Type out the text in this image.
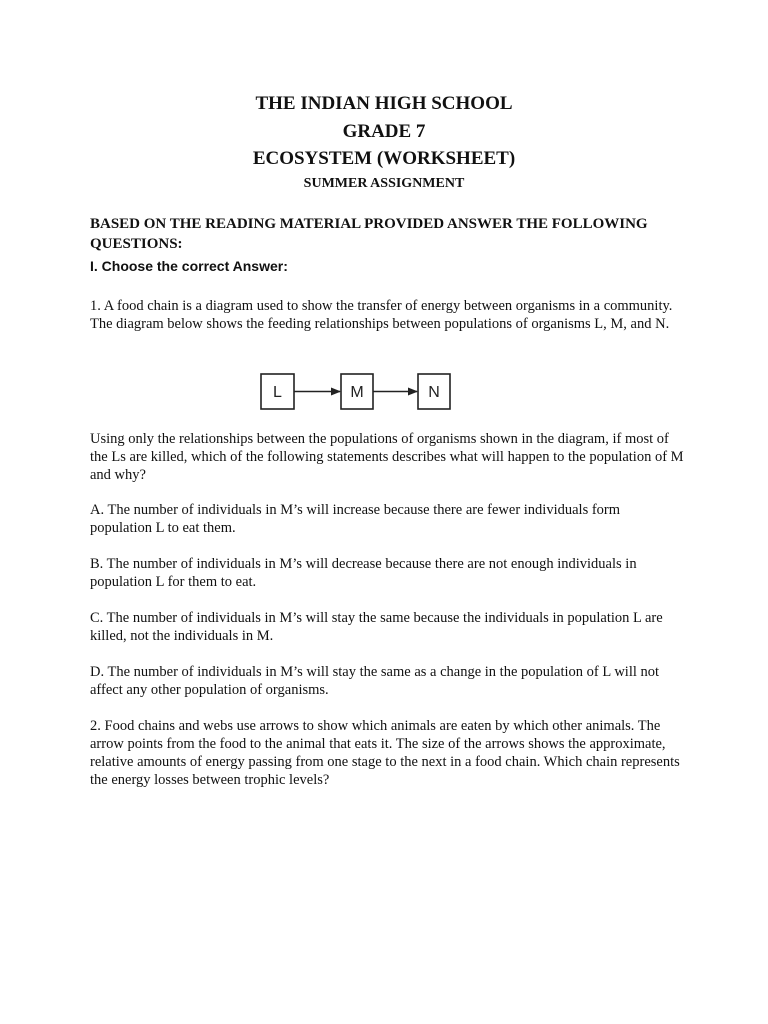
THE INDIAN HIGH SCHOOL
GRADE 7
ECOSYSTEM (WORKSHEET)
SUMMER ASSIGNMENT
BASED ON THE READING MATERIAL PROVIDED ANSWER THE FOLLOWING QUESTIONS:
I. Choose the correct Answer:
1. A food chain is a diagram used to show the transfer of energy between organisms in a community. The diagram below shows the feeding relationships between populations of organisms L, M, and N.
L	M	N
Using only the relationships between the populations of organisms shown in the diagram, if most of the Ls are killed, which of the following statements describes what will happen to the population of M and why?
A. The number of individuals in M’s will increase because there are fewer individuals form population L to eat them.
B. The number of individuals in M’s will decrease because there are not enough individuals in population L for them to eat.
C. The number of individuals in M’s will stay the same because the individuals in population L are killed, not the individuals in M.
D. The number of individuals in M’s will stay the same as a change in the population of L will not affect any other population of organisms.
2. Food chains and webs use arrows to show which animals are eaten by which other animals. The arrow points from the food to the animal that eats it. The size of the arrows shows the approximate, relative amounts of energy passing from one stage to the next in a food chain. Which chain represents the energy losses between trophic levels?
